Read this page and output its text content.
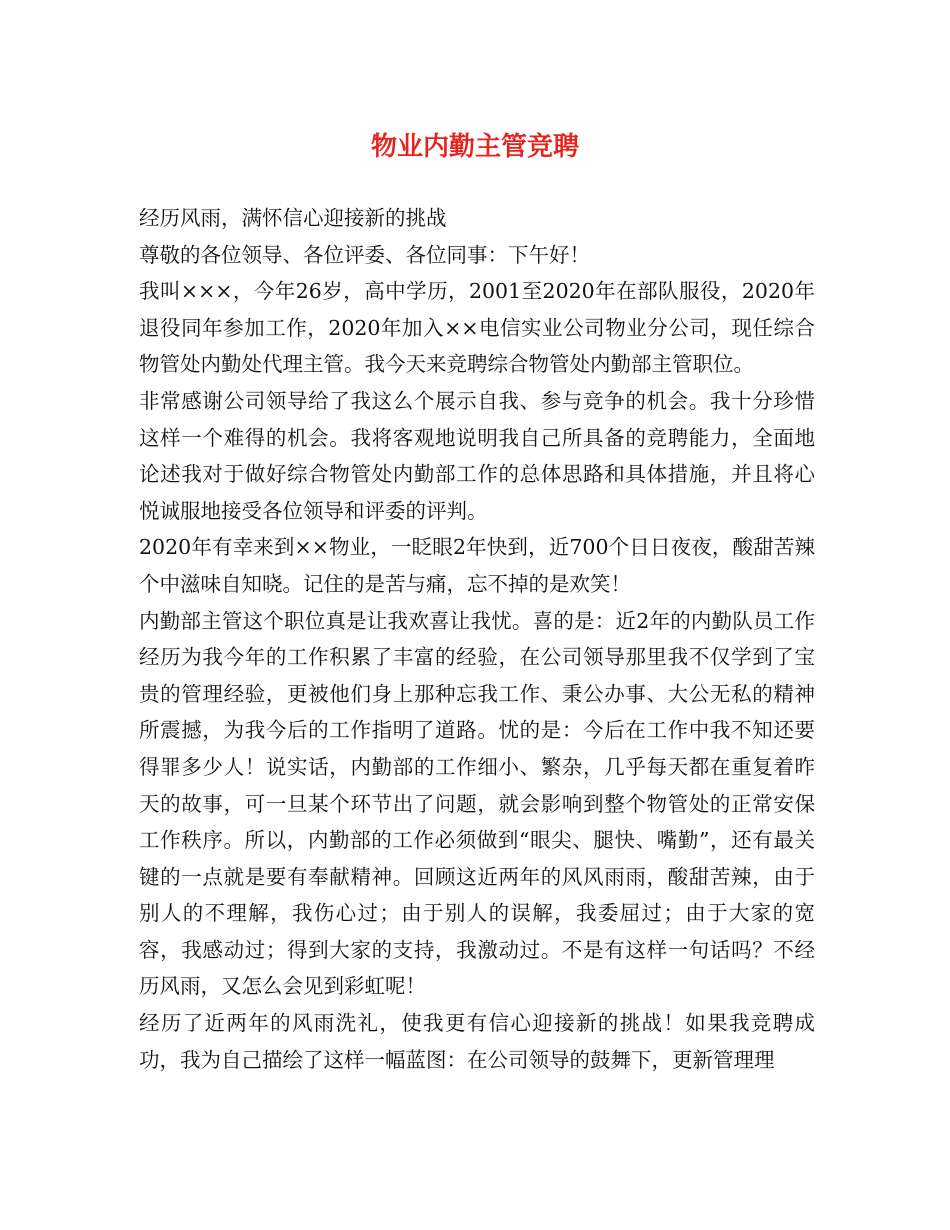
物业内勤主管竞聘

经历风雨，满怀信心迎接新的挑战

尊敬的各位领导、各位评委、各位同事：下午好！

我叫×××，今年26岁，高中学历，2001至2020年在部队服役，2020年退役同年参加工作，2020年加入××电信实业公司物业分公司，现任综合物管处内勤处代理主管。我今天来竞聘综合物管处内勤部主管职位。

非常感谢公司领导给了我这么个展示自我、参与竞争的机会。我十分珍惜这样一个难得的机会。我将客观地说明我自己所具备的竞聘能力，全面地论述我对于做好综合物管处内勤部工作的总体思路和具体措施，并且将心悦诚服地接受各位领导和评委的评判。

2020年有幸来到××物业，一眨眼2年快到，近700个日日夜夜，酸甜苦辣个中滋味自知晓。记住的是苦与痛，忘不掉的是欢笑！

内勤部主管这个职位真是让我欢喜让我忧。喜的是：近2年的内勤队员工作经历为我今年的工作积累了丰富的经验，在公司领导那里我不仅学到了宝贵的管理经验，更被他们身上那种忘我工作、秉公办事、大公无私的精神所震撼，为我今后的工作指明了道路。忧的是：今后在工作中我不知还要得罪多少人！说实话，内勤部的工作细小、繁杂，几乎每天都在重复着昨天的故事，可一旦某个环节出了问题，就会影响到整个物管处的正常安保工作秩序。所以，内勤部的工作必须做到“眼尖、腿快、嘴勤”，还有最关键的一点就是要有奉献精神。回顾这近两年的风风雨雨，酸甜苦辣，由于别人的不理解，我伤心过；由于别人的误解，我委屈过；由于大家的宽容，我感动过；得到大家的支持，我激动过。不是有这样一句话吗？不经历风雨，又怎么会见到彩虹呢！

经历了近两年的风雨洗礼，使我更有信心迎接新的挑战！如果我竞聘成功，我为自己描绘了这样一幅蓝图：在公司领导的鼓舞下，更新管理理
